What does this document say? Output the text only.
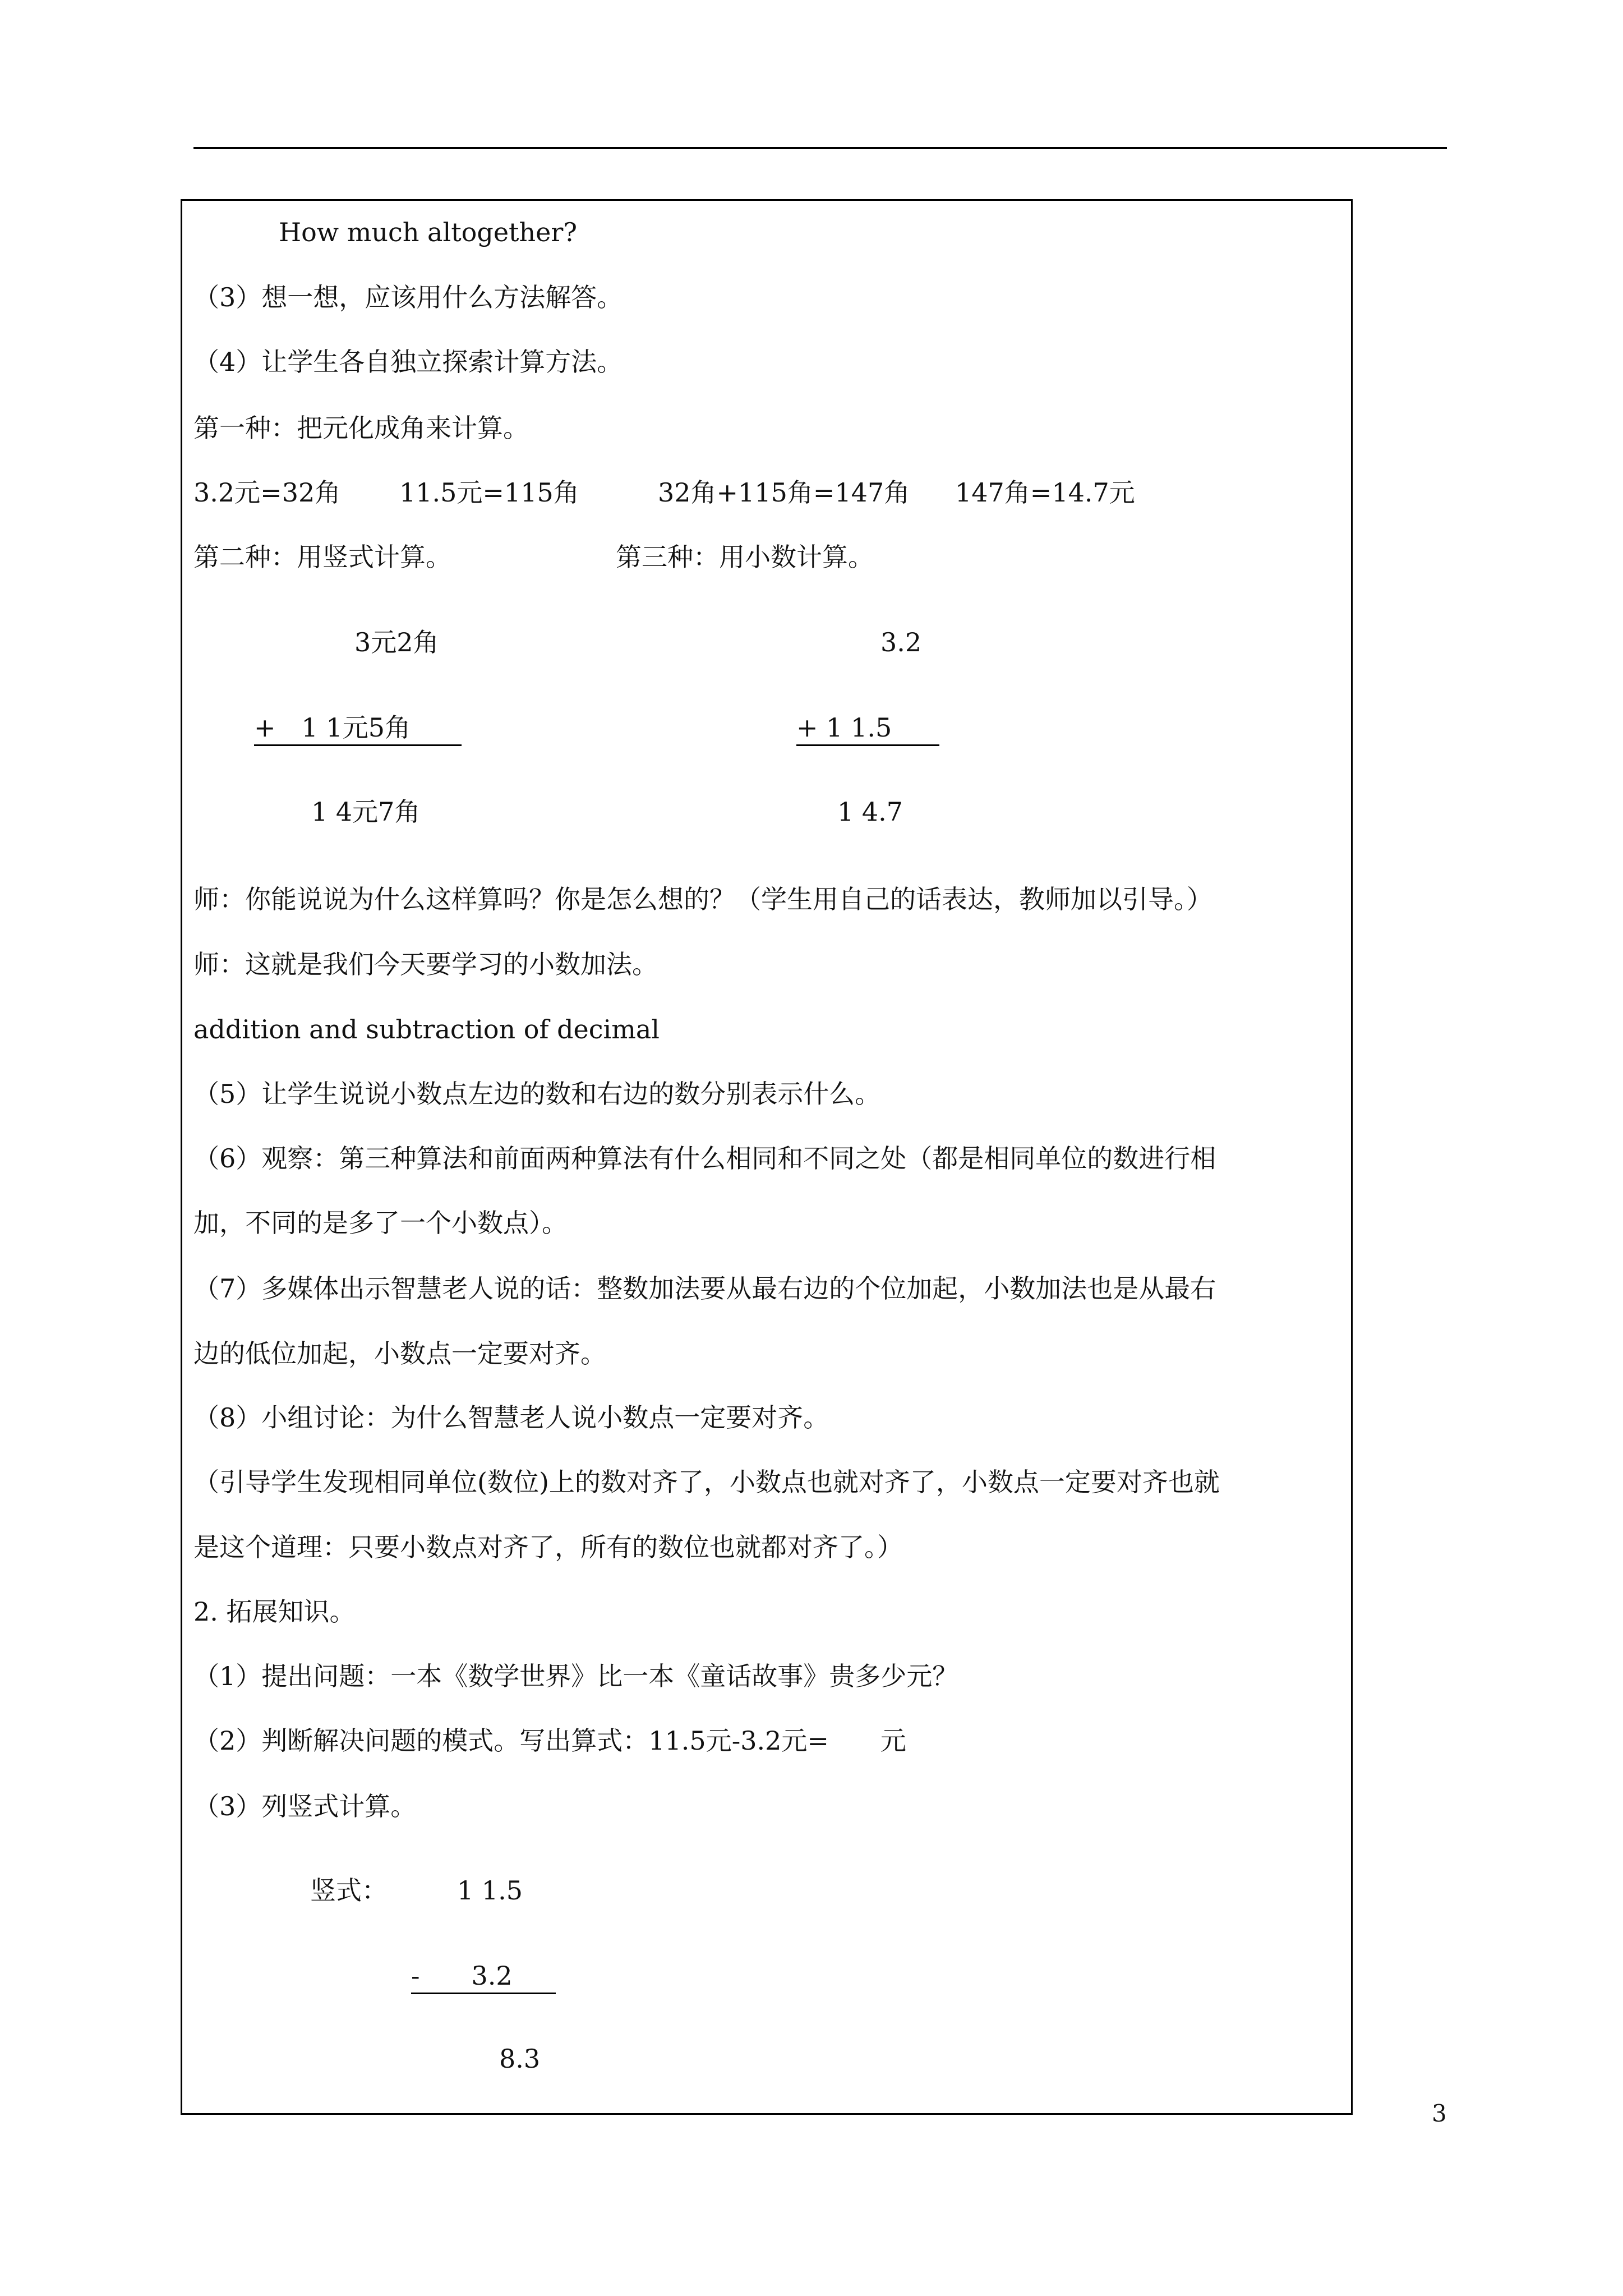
How much altogether?
（3）想一想，应该用什么方法解答。
（4）让学生各自独立探索计算方法。
第一种：把元化成角来计算。
3.2元=32角 11.5元=115角	32角+115角=147角 147角=14.7元
第二种：用竖式计算。	第三种：用小数计算。
3元2角
+　1 1元5角
1 4元7角
3.2
+ 1 1.5
1 4.7
师：你能说说为什么这样算吗？你是怎么想的？（学生用自己的话表达，教师加以引导。）
师：这就是我们今天要学习的小数加法。
addition and subtraction of decimal
（5）让学生说说小数点左边的数和右边的数分别表示什么。
（6）观察：第三种算法和前面两种算法有什么相同和不同之处（都是相同单位的数进行相
加，不同的是多了一个小数点）。
（7）多媒体出示智慧老人说的话：整数加法要从最右边的个位加起，小数加法也是从最右
边的低位加起，小数点一定要对齐。
（8）小组讨论：为什么智慧老人说小数点一定要对齐。
（引导学生发现相同单位(数位)上的数对齐了，小数点也就对齐了，小数点一定要对齐也就
是这个道理：只要小数点对齐了，所有的数位也就都对齐了。）
2. 拓展知识。
（1）提出问题：一本《数学世界》比一本《童话故事》贵多少元？
（2）判断解决问题的模式。写出算式：11.5元-3.2元=　　元
（3）列竖式计算。
竖式：	1 1.5
-　　3.2
8.3
3
